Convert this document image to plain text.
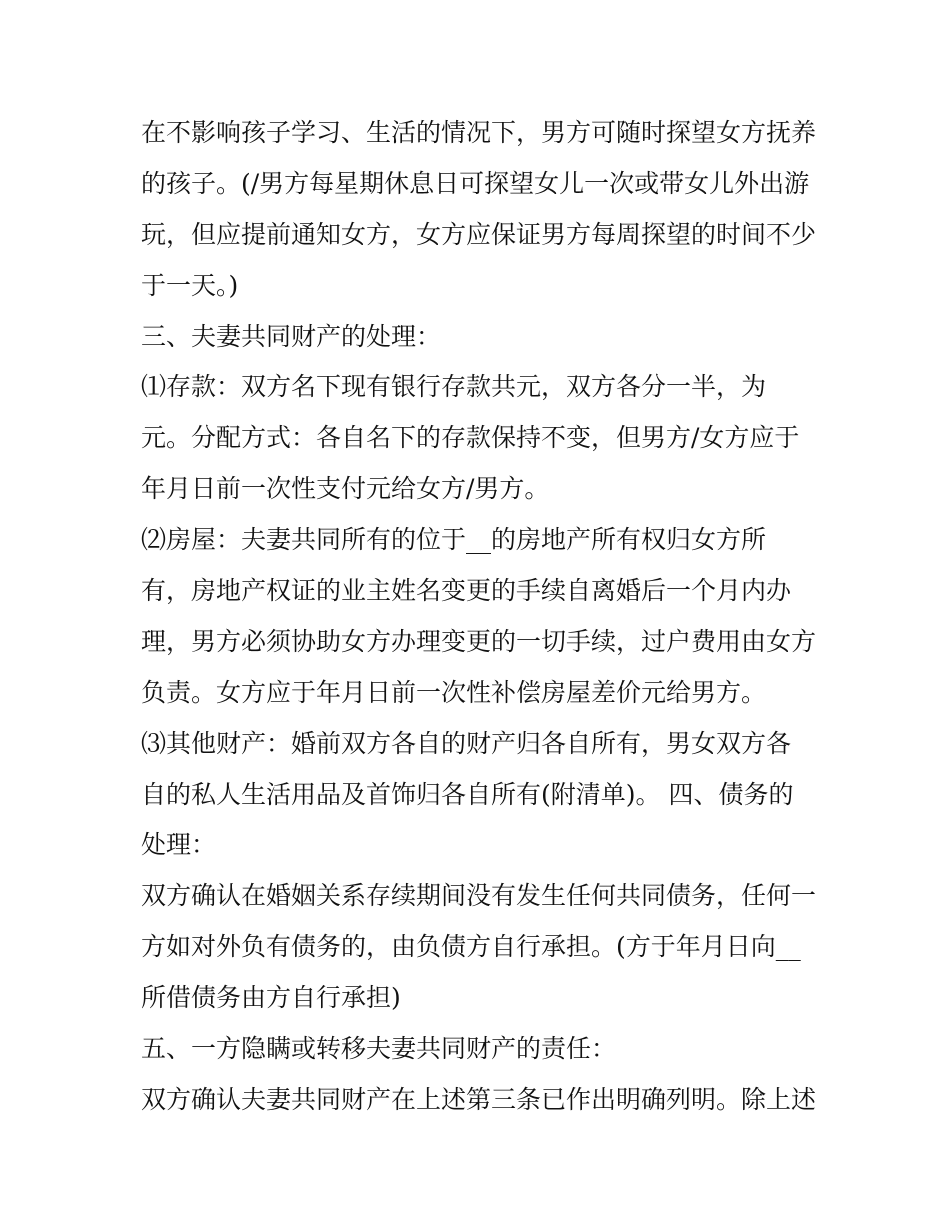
在不影响孩子学习、生活的情况下，男方可随时探望女方抚养
的孩子。(/男方每星期休息日可探望女儿一次或带女儿外出游
玩，但应提前通知女方，女方应保证男方每周探望的时间不少
于一天。)
三、夫妻共同财产的处理：
⑴存款：双方名下现有银行存款共元，双方各分一半，为
元。分配方式：各自名下的存款保持不变，但男方/女方应于
年月日前一次性支付元给女方/男方。
⑵房屋：夫妻共同所有的位于__的房地产所有权归女方所
有，房地产权证的业主姓名变更的手续自离婚后一个月内办
理，男方必须协助女方办理变更的一切手续，过户费用由女方
负责。女方应于年月日前一次性补偿房屋差价元给男方。
⑶其他财产：婚前双方各自的财产归各自所有，男女双方各
自的私人生活用品及首饰归各自所有(附清单)。 四、债务的
处理：
双方确认在婚姻关系存续期间没有发生任何共同债务，任何一
方如对外负有债务的，由负债方自行承担。(方于年月日向__
所借债务由方自行承担)
五、一方隐瞒或转移夫妻共同财产的责任：
双方确认夫妻共同财产在上述第三条已作出明确列明。除上述
